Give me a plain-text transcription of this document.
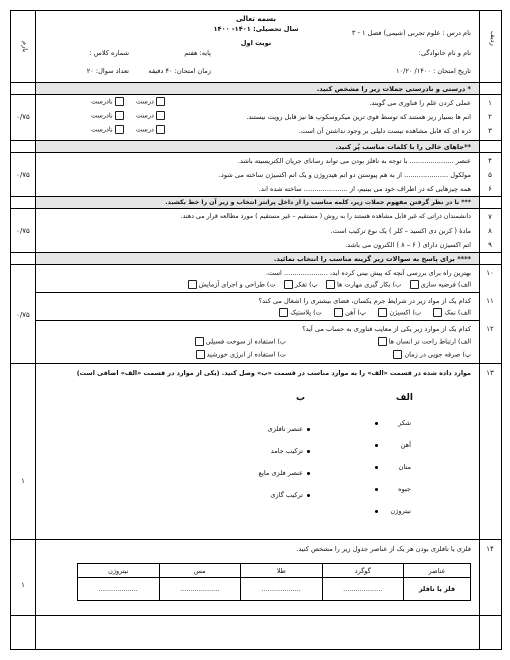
بسمه تعالی
سال تحصیلی: ۱۴۰۱- ۱۴۰۰
نوبت اول
نام درس : علوم تجربی (شیمی) فصل ۱ - ۳
نام و نام خانوادگی:
پایه: هفتم
شماره کلاس :
تاریخ امتحان : ۱۴۰۰/ ۱۰/۲۰
زمان امتحان: ۴۰ دقیقه
تعداد سوال: ۲۰
ردیف
بارم
* درستی و نادرستی جملات زیر را مشخص کنید.
۱
عملی کردن علم را فناوری می گویند.
درست     نادرست
۲
اتم ها بسیار ریز هستند که توسط قوی ترین میکروسکوپ ها نیز قابل رویت نیستند.
درست     نادرست
۳
ذره ای که قابل مشاهده نیست دلیلی بر وجود نداشتن آن است.
درست     نادرست
۰/۷۵
**جاهای خالی را با کلمات مناسب پُر کنید.
۴
عنصر ..................... با توجه به نافلز بودن می تواند رسانای جریان الکتریسیته باشد.
۵
مولکول ..................... از به هم پیوستن دو اتم هیدروژن و یک اتم اکسیژن ساخته می شود.
۶
همه چیزهایی که در اطراف خود می بینیم، از ..................... ساخته شده اند.
۰/۷۵
*** با در نظر گرفتن مفهوم جملات زیر، کلمه مناسب را از داخل پرانتز انتخاب و زیر آن را خط بکشید.
۷
دانشمندان ذراتی که غیر قابل مشاهده هستند را به روش ( مستقیم – غیر مستقیم ) مورد مطالعه قرار می دهند.
۸
مادۀ ( کربن دی اکسید – کلر ) یک نوع ترکیب است.
۹
اتم اکسیژن دارای ( ۶ – ۸ ) الکترون می باشد.
۰/۷۵
**** برای پاسخ به سوالات زیر گزینه مناسب را انتخاب نمائید.
۱۰
بهترین راه برای بررسی آنچه که پیش بینی کرده اید، ..................... است.
الف) فرضیه سازی   ب) بکار گیری مهارت ها   پ) تفکر   ت) طراحی و اجرای آزمایش
۱۱
کدام یک از مواد زیر در شرایط جرم یکسان، فضای بیشتری را اشغال می کند؟
الف) نمک     ب) اکسیژن     پ) آهن     ت) پلاستیک
۱۲
کدام یک از موارد زیر یکی از معایب فناوری به حساب می آید؟
الف) ارتباط راحت تر انسان ها
ب) استفاده از سوخت فسیلی
پ) صرفه جویی در زمان
ت) استفاده از انرژی خورشید
۰/۷۵
۱۳
موارد داده شده در قسمت «الف» را به موارد مناسب در قسمت «ب» وصل کنید. (یکی از موارد در قسمت «الف» اضافی است)
الف
ب
شکر
آهن
متان
جیوه
نیتروژن
عنصر نافلزی
ترکیب جامد
عنصر فلزی مایع
ترکیب گازی
۱
۱۴
فلزی یا نافلزی بودن هر یک از عناصر جدول زیر را مشخص کنید.
عناصر	گوگرد	طلا	مس	نیتروژن
فلز یا نافلز	...................	...................	...................	...................
۱
